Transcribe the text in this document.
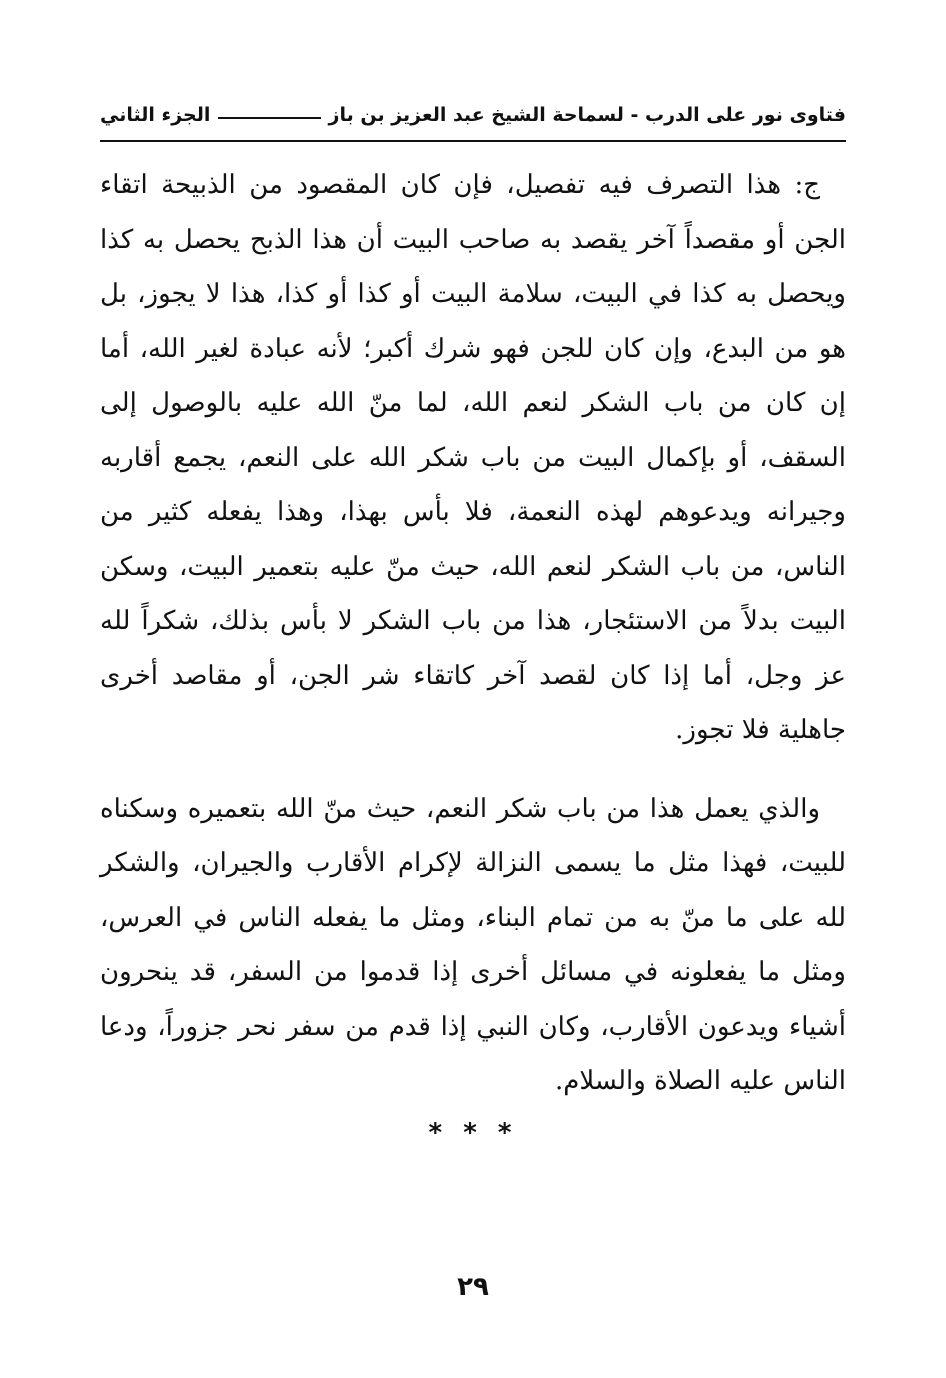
فتاوى نور على الدرب - لسماحة الشيخ عبد العزيز بن باز
الجزء الثاني

ج: هذا التصرف فيه تفصيل، فإن كان المقصود من الذبيحة اتقاء الجن أو مقصداً آخر يقصد به صاحب البيت أن هذا الذبح يحصل به كذا ويحصل به كذا في البيت، سلامة البيت أو كذا أو كذا، هذا لا يجوز، بل هو من البدع، وإن كان للجن فهو شرك أكبر؛ لأنه عبادة لغير الله، أما إن كان من باب الشكر لنعم الله، لما منّ الله عليه بالوصول إلى السقف، أو بإكمال البيت من باب شكر الله على النعم، يجمع أقاربه وجيرانه ويدعوهم لهذه النعمة، فلا بأس بهذا، وهذا يفعله كثير من الناس، من باب الشكر لنعم الله، حيث منّ عليه بتعمير البيت، وسكن البيت بدلاً من الاستئجار، هذا من باب الشكر لا بأس بذلك، شكراً لله عز وجل، أما إذا كان لقصد آخر كاتقاء شر الجن، أو مقاصد أخرى جاهلية فلا تجوز.

والذي يعمل هذا من باب شكر النعم، حيث منّ الله بتعميره وسكناه للبيت، فهذا مثل ما يسمى النزالة لإكرام الأقارب والجيران، والشكر لله على ما منّ به من تمام البناء، ومثل ما يفعله الناس في العرس، ومثل ما يفعلونه في مسائل أخرى إذا قدموا من السفر، قد ينحرون أشياء ويدعون الأقارب، وكان النبي إذا قدم من سفر نحر جزوراً، ودعا الناس عليه الصلاة والسلام.

* * *
٢٩
